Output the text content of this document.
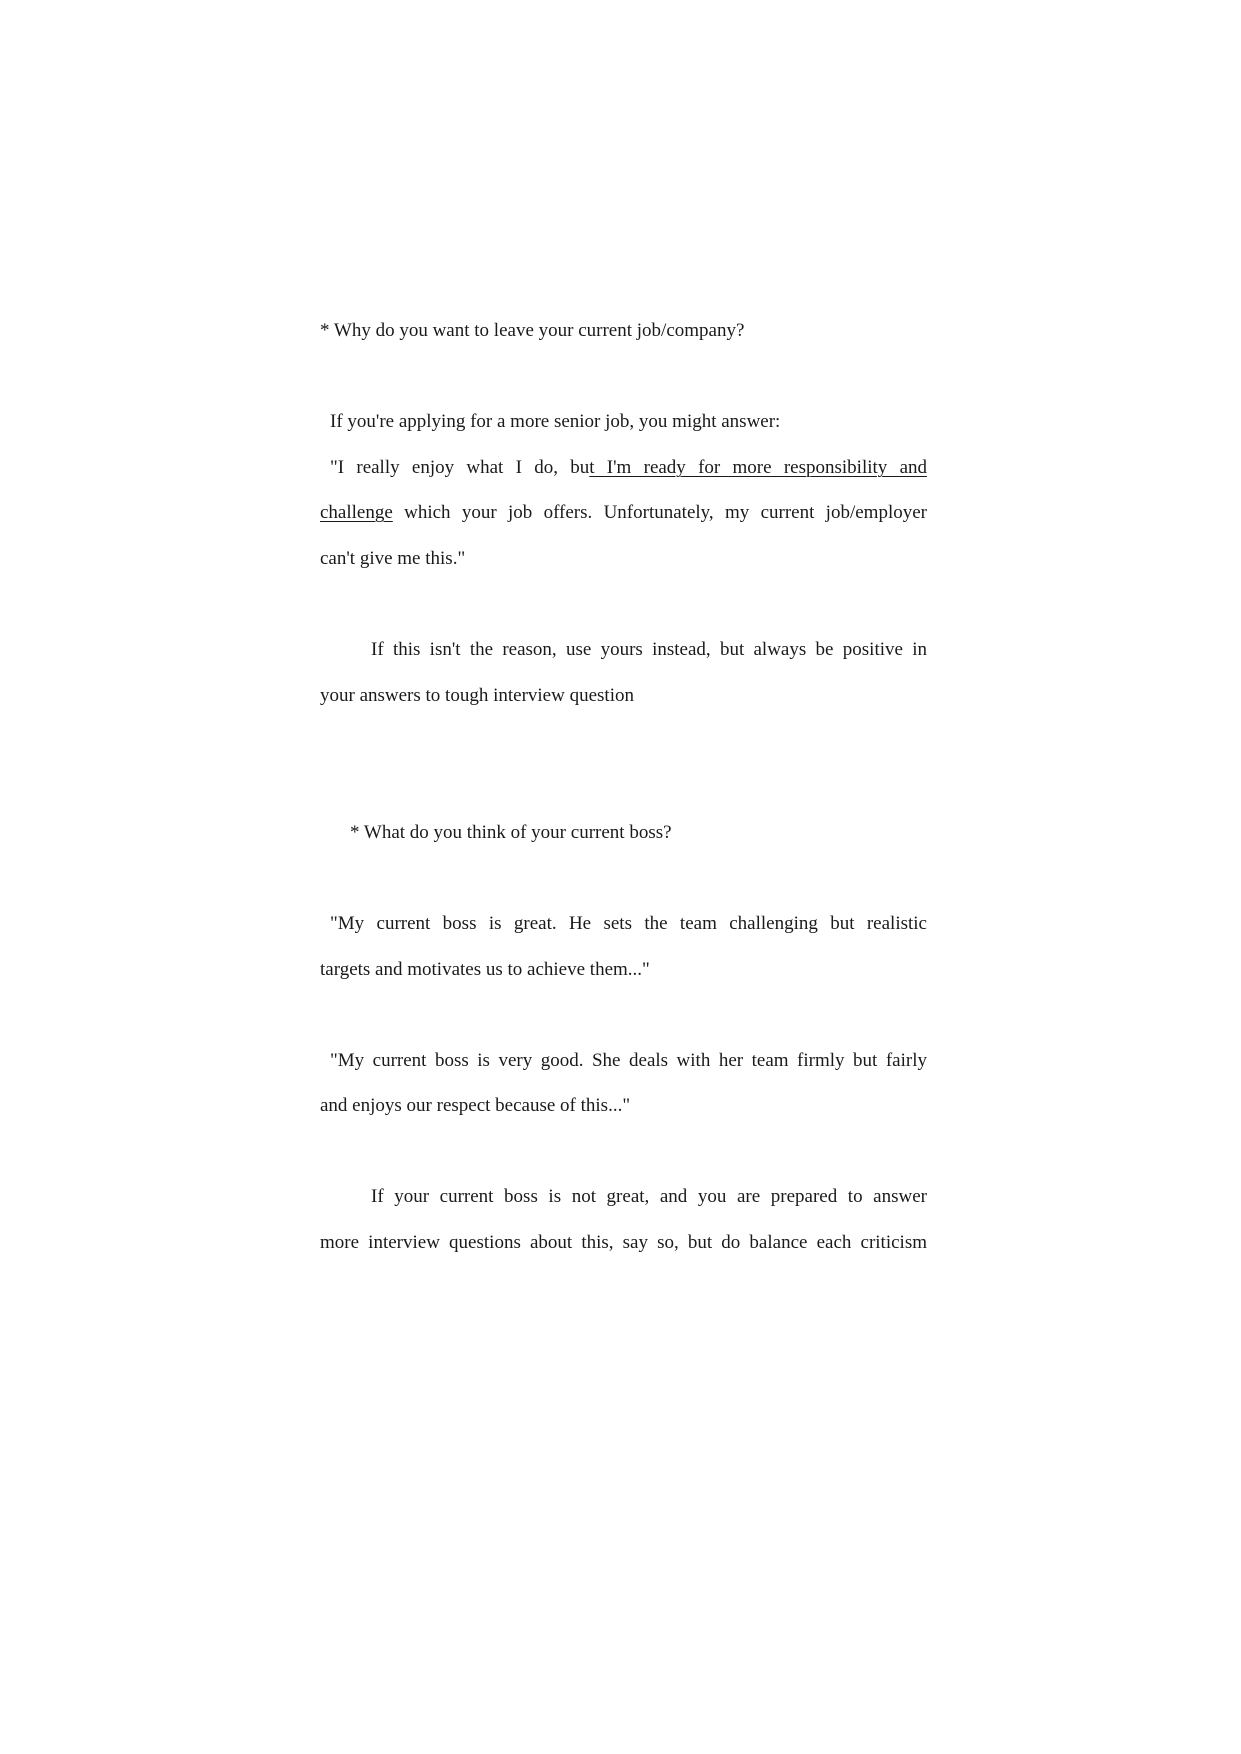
* Why do you want to leave your current job/company?
If you're applying for a more senior job, you might answer:
"I really enjoy what I do, but I'm ready for more responsibility and
challenge which your job offers. Unfortunately, my current job/employer
can't give me this."
If this isn't the reason, use yours instead, but always be positive in
your answers to tough interview question
* What do you think of your current boss?
"My current boss is great. He sets the team challenging but realistic
targets and motivates us to achieve them..."
"My current boss is very good. She deals with her team firmly but fairly
and enjoys our respect because of this..."
If your current boss is not great, and you are prepared to answer
more interview questions about this, say so, but do balance each criticism
